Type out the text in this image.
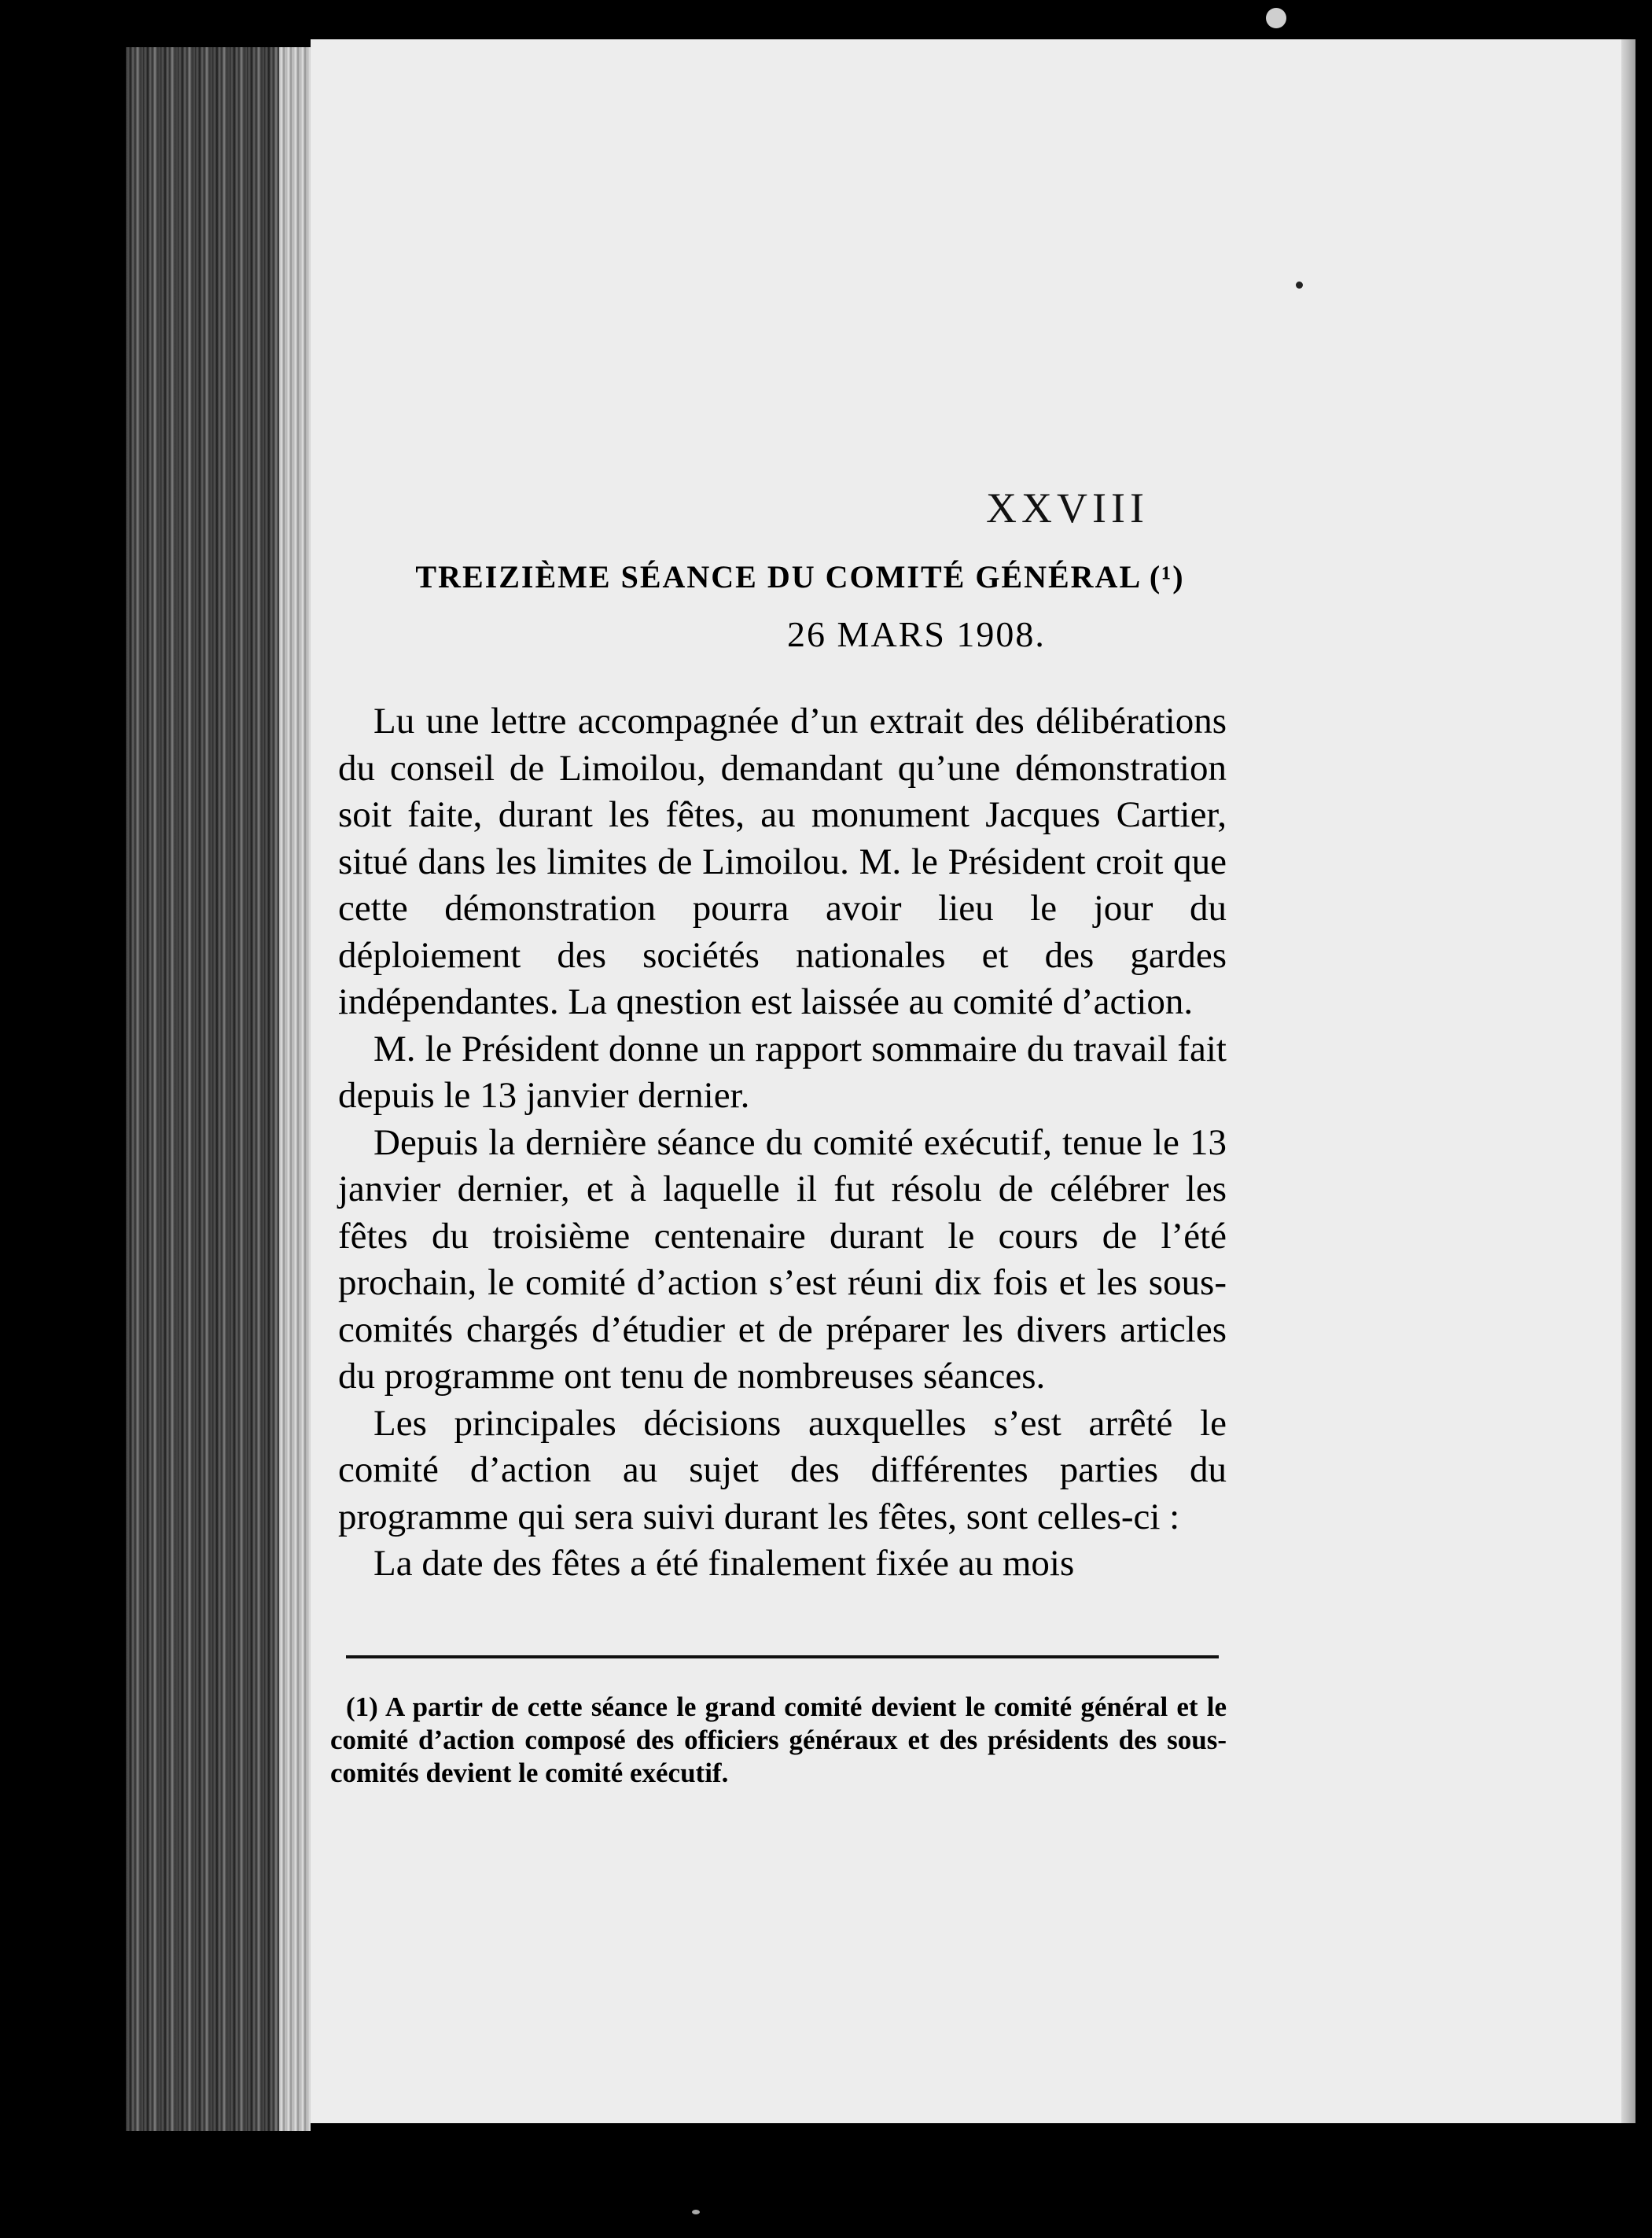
XXVIII
TREIZIÈME SÉANCE DU COMITÉ GÉNÉRAL (¹)
26 MARS 1908.

Lu une lettre accompagnée d’un extrait des délibérations du conseil de Limoilou, demandant qu’une démonstration soit faite, durant les fêtes, au monument Jacques Cartier, situé dans les limites de Limoilou. M. le Président croit que cette démonstration pourra avoir lieu le jour du déploiement des sociétés nationales et des gardes indépendantes. La qnestion est laissée au comité d’action.

M. le Président donne un rapport sommaire du travail fait depuis le 13 janvier dernier.

Depuis la dernière séance du comité exécutif, tenue le 13 janvier dernier, et à laquelle il fut résolu de célébrer les fêtes du troisième centenaire durant le cours de l’été prochain, le comité d’action s’est réuni dix fois et les sous-comités chargés d’étudier et de préparer les divers articles du programme ont tenu de nombreuses séances.

Les principales décisions auxquelles s’est arrêté le comité d’action au sujet des différentes parties du programme qui sera suivi durant les fêtes, sont celles-ci :

La date des fêtes a été finalement fixée au mois

(1) A partir de cette séance le grand comité devient le comité général et le comité d’action composé des officiers généraux et des présidents des sous-comités devient le comité exécutif.
